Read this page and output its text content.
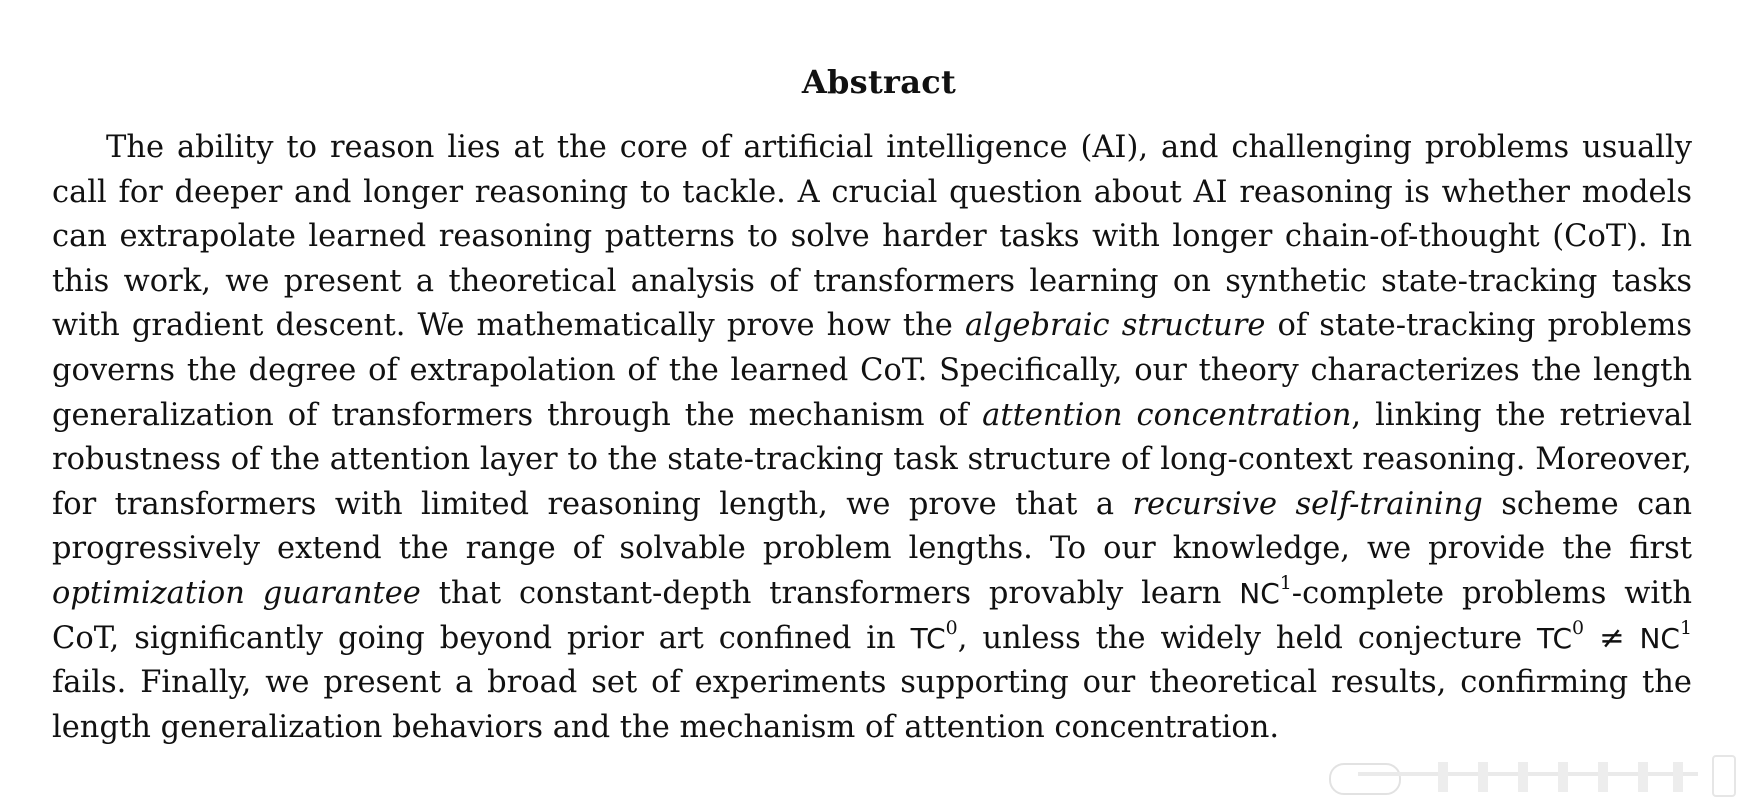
Abstract

The ability to reason lies at the core of artificial intelligence (AI), and challenging problems usually call for deeper and longer reasoning to tackle. A crucial question about AI reasoning is whether models can extrapolate learned reasoning patterns to solve harder tasks with longer chain-of-thought (CoT). In this work, we present a theoretical analysis of transformers learning on synthetic state-tracking tasks with gradient descent. We mathematically prove how the algebraic structure of state-tracking problems governs the degree of extrapolation of the learned CoT. Specifically, our theory characterizes the length generalization of transformers through the mechanism of attention concentration, linking the retrieval robustness of the attention layer to the state-tracking task structure of long-context reasoning. Moreover, for transformers with limited reasoning length, we prove that a recursive self-training scheme can progressively extend the range of solvable problem lengths. To our knowledge, we provide the first optimization guarantee that constant-depth transformers provably learn $NC^1$-complete problems with CoT, significantly going beyond prior art confined in $TC^0$, unless the widely held conjecture $TC^0 \ne NC^1$ fails. Finally, we present a broad set of experiments supporting our theoretical results, confirming the length generalization behaviors and the mechanism of attention concentration.
